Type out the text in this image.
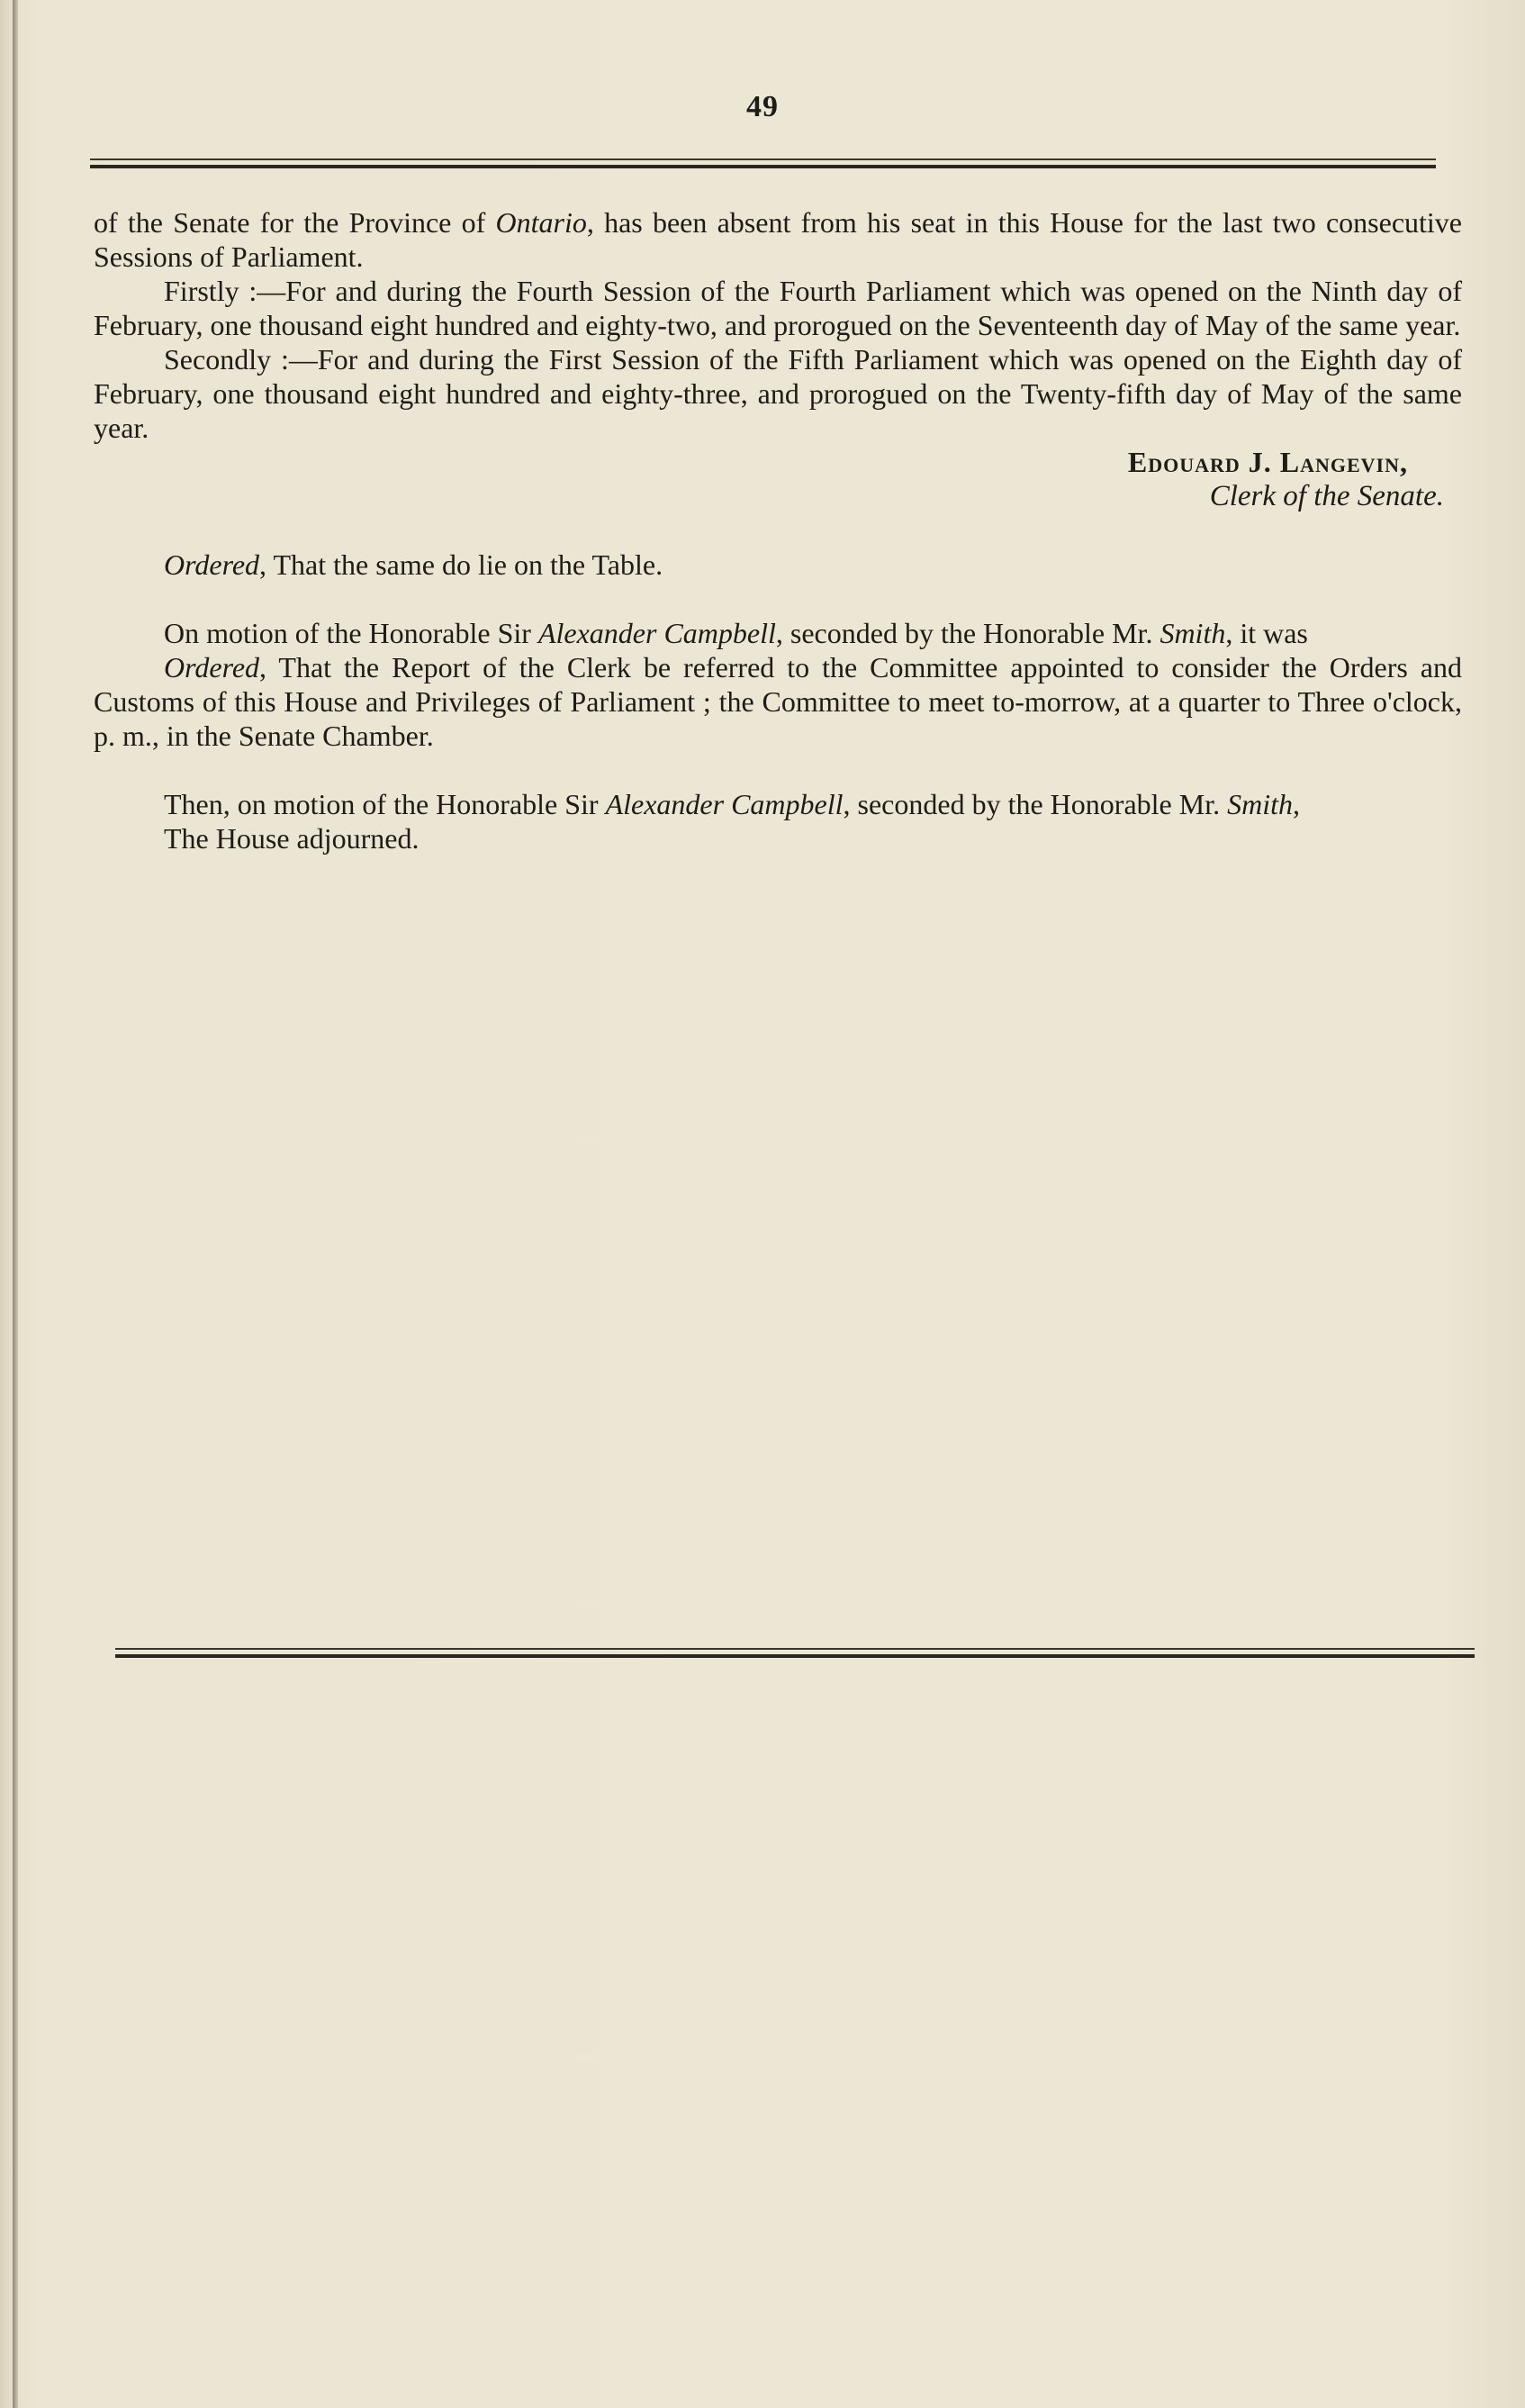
49

of the Senate for the Province of Ontario, has been absent from his seat in this House for the last two consecutive Sessions of Parliament.

Firstly :—For and during the Fourth Session of the Fourth Parliament which was opened on the Ninth day of February, one thousand eight hundred and eighty-two, and prorogued on the Seventeenth day of May of the same year.

Secondly :—For and during the First Session of the Fifth Parliament which was opened on the Eighth day of February, one thousand eight hundred and eighty-three, and prorogued on the Twenty-fifth day of May of the same year.

Edouard J. Langevin,

Clerk of the Senate.

Ordered, That the same do lie on the Table.

On motion of the Honorable Sir Alexander Campbell, seconded by the Honorable Mr. Smith, it was

Ordered, That the Report of the Clerk be referred to the Committee appointed to consider the Orders and Customs of this House and Privileges of Parliament ; the Committee to meet to-morrow, at a quarter to Three o'clock, p. m., in the Senate Chamber.

Then, on motion of the Honorable Sir Alexander Campbell, seconded by the Honorable Mr. Smith,

The House adjourned.
